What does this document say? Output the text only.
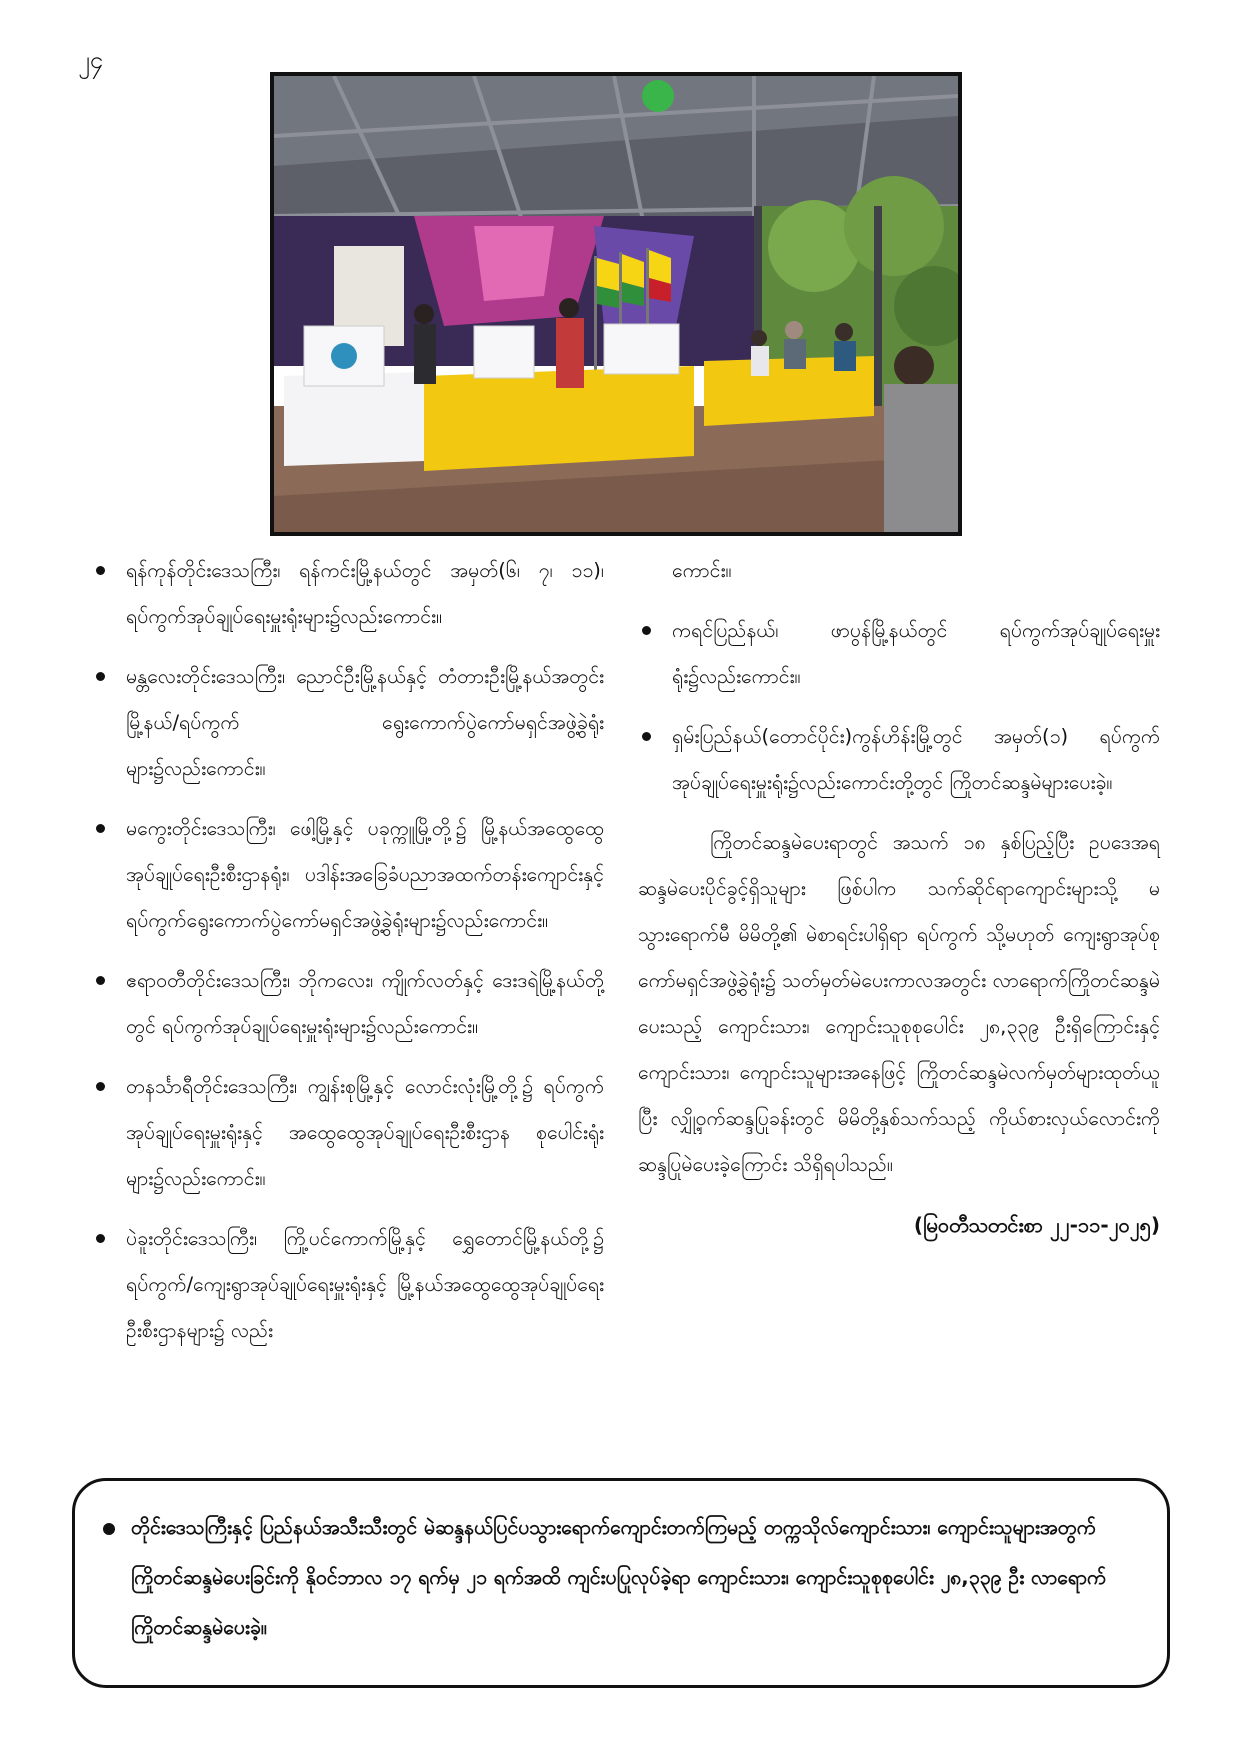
၂၄
ရန်ကုန်တိုင်းဒေသကြီး၊ ရန်ကင်းမြို့နယ်တွင် အမှတ်(၆၊ ၇၊ ၁၁)၊ ရပ်ကွက်အုပ်ချုပ်ရေးမှူးရုံးများ၌လည်းကောင်း။
မန္တလေးတိုင်းဒေသကြီး၊ ညောင်ဦးမြို့နယ်နှင့် တံတားဦးမြို့နယ်အတွင်း မြို့နယ်/ရပ်ကွက် ရွေးကောက်ပွဲကော်မရှင်အဖွဲ့ခွဲရုံးများ၌လည်းကောင်း။
မကွေးတိုင်းဒေသကြီး၊ ဖေါ့မြို့နှင့် ပခုက္ကူမြို့တို့၌ မြို့နယ်အထွေထွေအုပ်ချုပ်ရေးဦးစီးဌာနရုံး၊ ပဒါန်းအခြေခံပညာအထက်တန်းကျောင်းနှင့် ရပ်ကွက်ရွေးကောက်ပွဲကော်မရှင်အဖွဲ့ခွဲရုံးများ၌လည်းကောင်း။
ဧရာဝတီတိုင်းဒေသကြီး၊ ဘိုကလေး၊ ကျိုက်လတ်နှင့် ဒေးဒရဲမြို့နယ်တို့တွင် ရပ်ကွက်အုပ်ချုပ်ရေးမှူးရုံးများ၌လည်းကောင်း။
တနင်္သာရီတိုင်းဒေသကြီး၊ ကျွန်းစုမြို့နှင့် လောင်းလုံးမြို့တို့၌ ရပ်ကွက်အုပ်ချုပ်ရေးမှူးရုံးနှင့် အထွေထွေအုပ်ချုပ်ရေးဦးစီးဌာန စုပေါင်းရုံးများ၌လည်းကောင်း။
ပဲခူးတိုင်းဒေသကြီး၊ ကြို့ပင်ကောက်မြို့နှင့် ရွှေတောင်မြို့နယ်တို့၌ ရပ်ကွက်/ကျေးရွာအုပ်ချုပ်ရေးမှူးရုံးနှင့် မြို့နယ်အထွေထွေအုပ်ချုပ်ရေးဦးစီးဌာနများ၌ လည်း
ကောင်း။
ကရင်ပြည်နယ်၊ ဖာပွန်မြို့နယ်တွင် ရပ်ကွက်အုပ်ချုပ်ရေးမှူးရုံး၌လည်းကောင်း။
ရှမ်းပြည်နယ်(တောင်ပိုင်း)ကွန်ဟိန်းမြို့တွင် အမှတ်(၁) ရပ်ကွက်အုပ်ချုပ်ရေးမှူးရုံး၌လည်းကောင်းတို့တွင် ကြိုတင်ဆန္ဒမဲများပေးခဲ့။

ကြိုတင်ဆန္ဒမဲပေးရာတွင် အသက် ၁၈ နှစ်ပြည့်ပြီး ဥပဒေအရ ဆန္ဒမဲပေးပိုင်ခွင့်ရှိသူများ ဖြစ်ပါက သက်ဆိုင်ရာကျောင်းများသို့ မသွားရောက်မီ မိမိတို့၏ မဲစာရင်းပါရှိရာ ရပ်ကွက် သို့မဟုတ် ကျေးရွာအုပ်စုကော်မရှင်အဖွဲ့ခွဲရုံး၌ သတ်မှတ်မဲပေးကာလအတွင်း လာရောက်ကြိုတင်ဆန္ဒမဲပေးသည့် ကျောင်းသား၊ ကျောင်းသူစုစုပေါင်း ၂၈,၃၃၉ ဦးရှိကြောင်းနှင့် ကျောင်းသား၊ ကျောင်းသူများအနေဖြင့် ကြိုတင်ဆန္ဒမဲလက်မှတ်များထုတ်ယူပြီး လျှို့ဝှက်ဆန္ဒပြုခန်းတွင် မိမိတို့နှစ်သက်သည့် ကိုယ်စားလှယ်လောင်းကို ဆန္ဒပြုမဲပေးခဲ့ကြောင်း သိရှိရပါသည်။

(မြဝတီသတင်းစာ ၂၂-၁၁-၂၀၂၅)
တိုင်းဒေသကြီးနှင့် ပြည်နယ်အသီးသီးတွင် မဲဆန္ဒနယ်ပြင်ပသွားရောက်ကျောင်းတက်ကြမည့် တက္ကသိုလ်ကျောင်းသား၊ ကျောင်းသူများအတွက် ကြိုတင်ဆန္ဒမဲပေးခြင်းကို နိုဝင်ဘာလ ၁၇ ရက်မှ ၂၁ ရက်အထိ ကျင်းပပြုလုပ်ခဲ့ရာ ကျောင်းသား၊ ကျောင်းသူစုစုပေါင်း ၂၈,၃၃၉ ဦး လာရောက်ကြိုတင်ဆန္ဒမဲပေးခဲ့။
